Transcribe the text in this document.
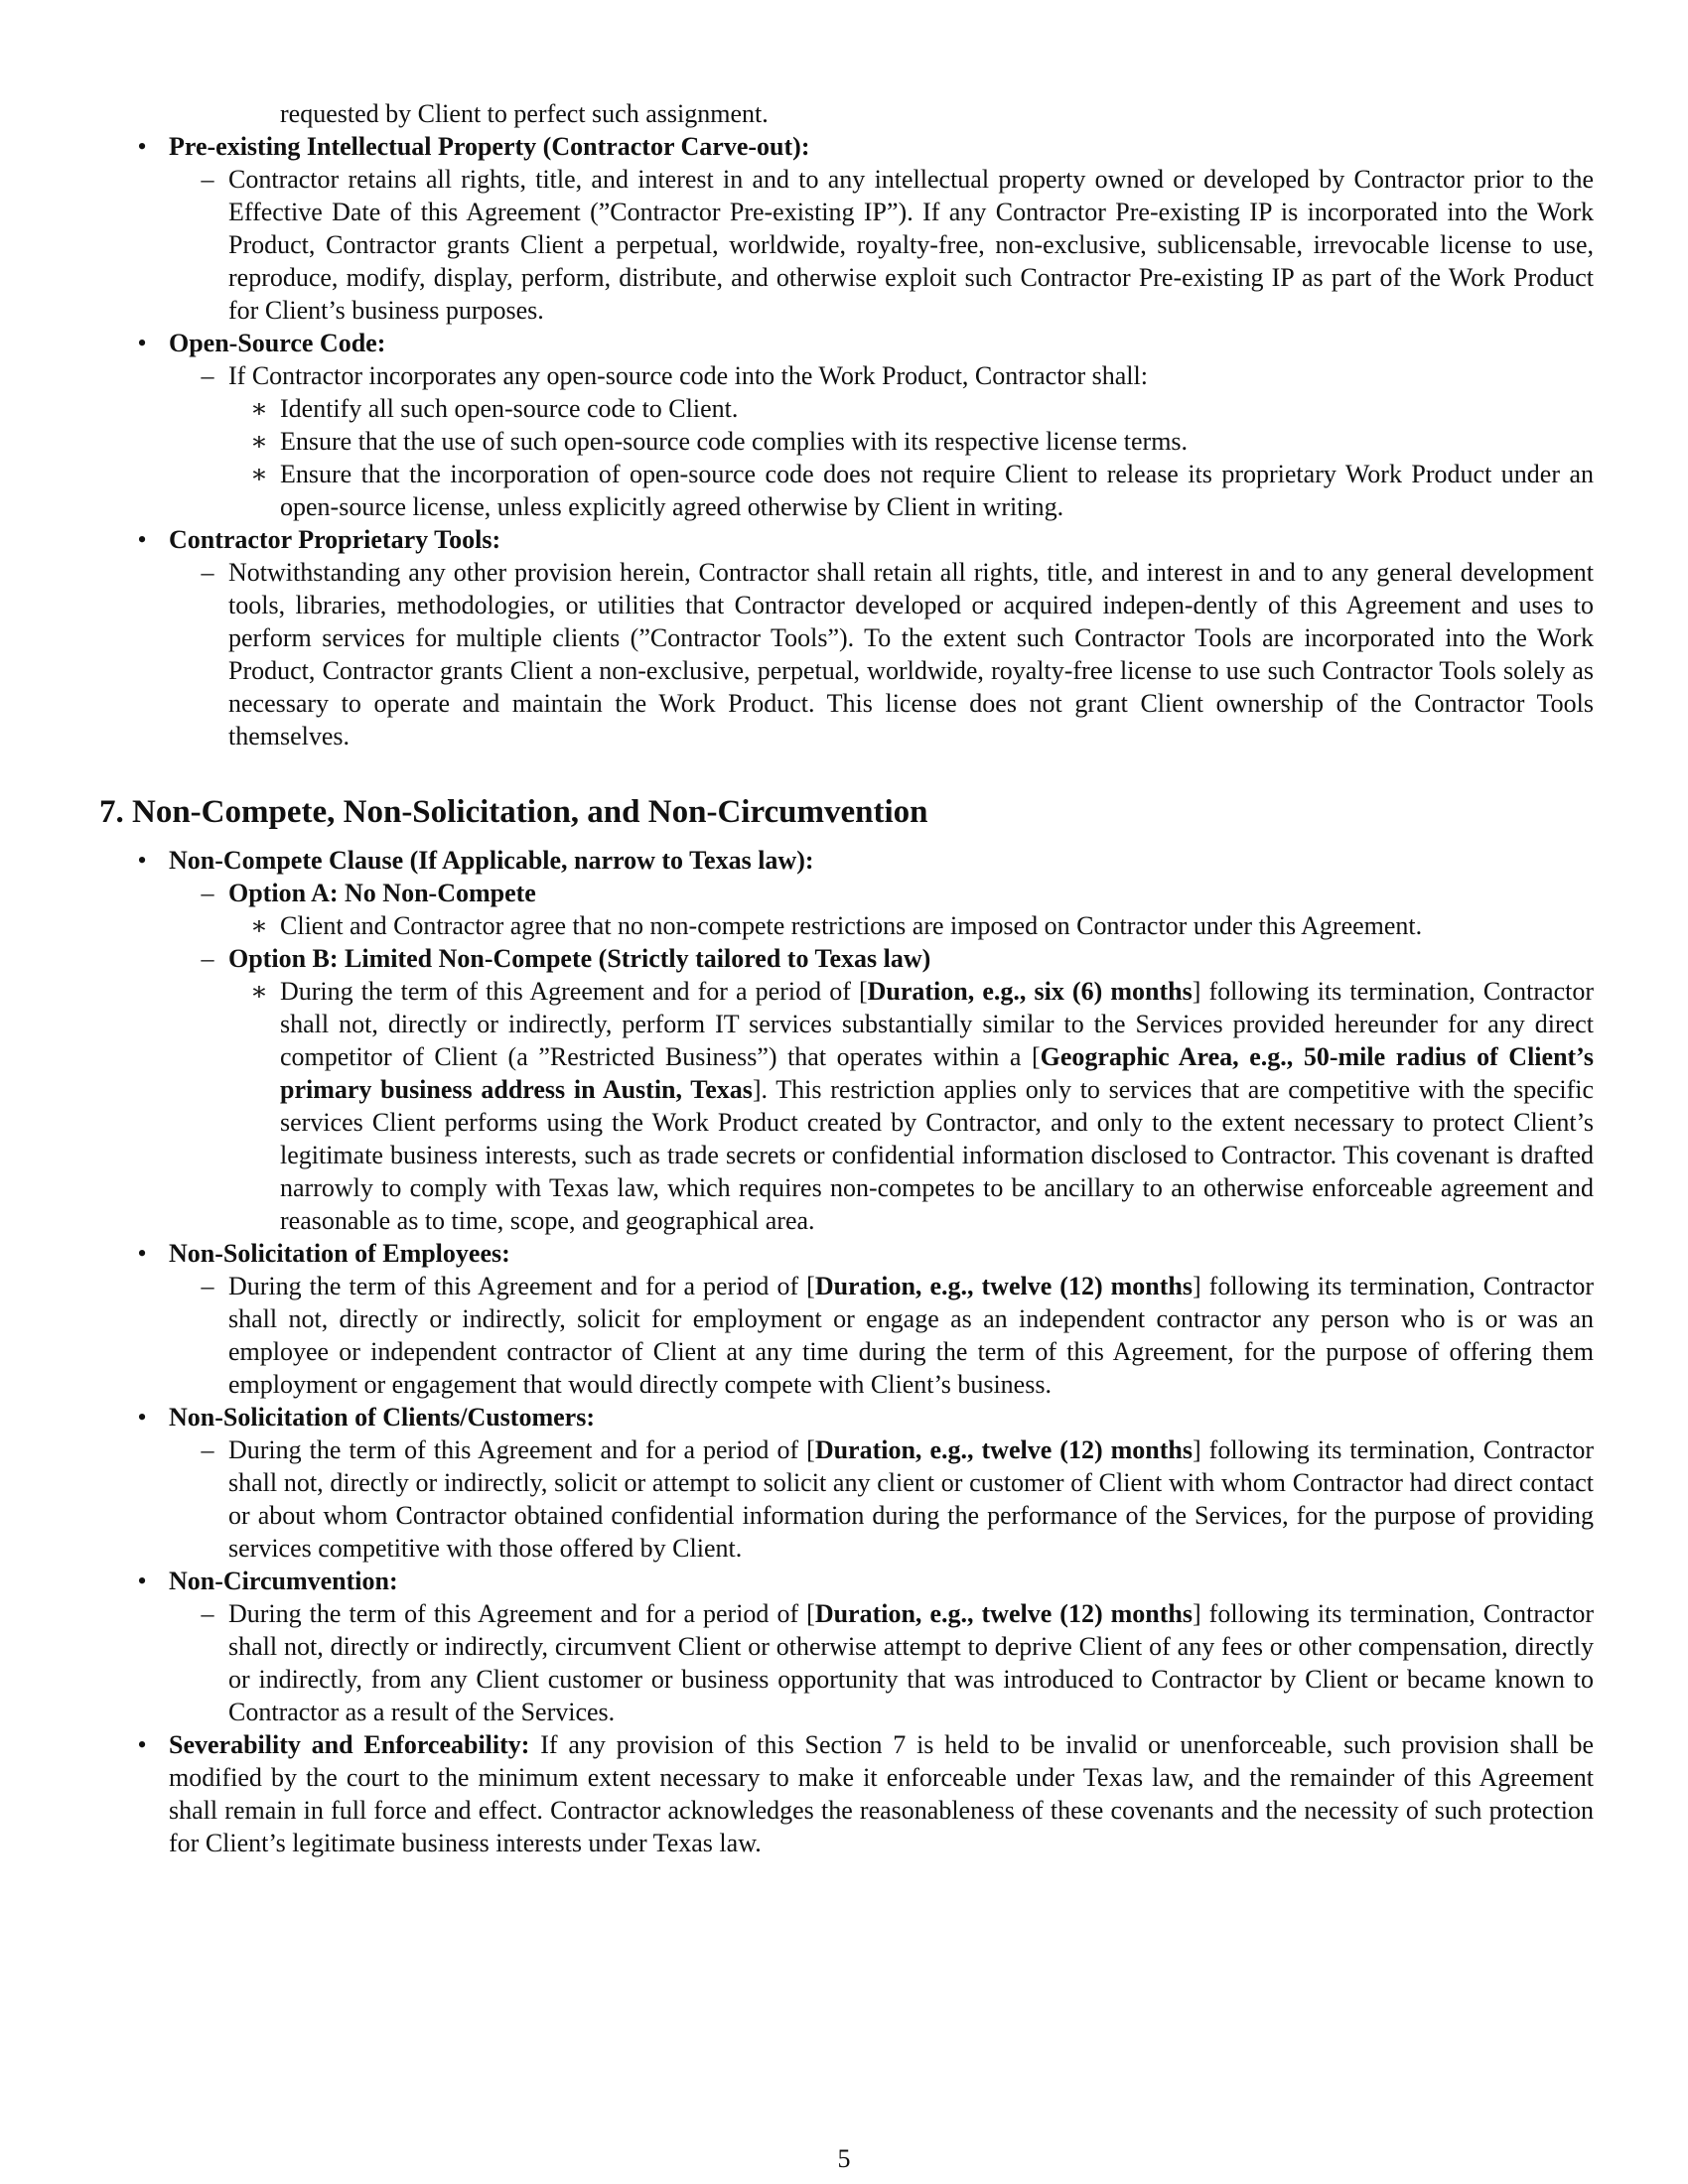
requested by Client to perfect such assignment.
• Pre-existing Intellectual Property (Contractor Carve-out):
– Contractor retains all rights, title, and interest in and to any intellectual property owned or developed by Contractor prior to the Effective Date of this Agreement (”Contractor Pre-existing IP”). If any Contractor Pre-existing IP is incorporated into the Work Product, Contractor grants Client a perpetual, worldwide, royalty-free, non-exclusive, sublicensable, irrevocable license to use, reproduce, modify, display, perform, distribute, and otherwise exploit such Contractor Pre-existing IP as part of the Work Product for Client’s business purposes.
• Open-Source Code:
– If Contractor incorporates any open-source code into the Work Product, Contractor shall:
∗ Identify all such open-source code to Client.
∗ Ensure that the use of such open-source code complies with its respective license terms.
∗ Ensure that the incorporation of open-source code does not require Client to release its proprietary Work Product under an open-source license, unless explicitly agreed otherwise by Client in writing.
• Contractor Proprietary Tools:
– Notwithstanding any other provision herein, Contractor shall retain all rights, title, and interest in and to any general development tools, libraries, methodologies, or utilities that Contractor developed or acquired indepen-dently of this Agreement and uses to perform services for multiple clients (”Contractor Tools”). To the extent such Contractor Tools are incorporated into the Work Product, Contractor grants Client a non-exclusive, perpetual, worldwide, royalty-free license to use such Contractor Tools solely as necessary to operate and maintain the Work Product. This license does not grant Client ownership of the Contractor Tools themselves.
7. Non-Compete, Non-Solicitation, and Non-Circumvention
• Non-Compete Clause (If Applicable, narrow to Texas law):
– Option A: No Non-Compete
∗ Client and Contractor agree that no non-compete restrictions are imposed on Contractor under this Agreement.
– Option B: Limited Non-Compete (Strictly tailored to Texas law)
∗ During the term of this Agreement and for a period of [Duration, e.g., six (6) months] following its termination, Contractor shall not, directly or indirectly, perform IT services substantially similar to the Services provided hereunder for any direct competitor of Client (a ”Restricted Business”) that operates within a [Geographic Area, e.g., 50-mile radius of Client’s primary business address in Austin, Texas]. This restriction applies only to services that are competitive with the specific services Client performs using the Work Product created by Contractor, and only to the extent necessary to protect Client’s legitimate business interests, such as trade secrets or confidential information disclosed to Contractor. This covenant is drafted narrowly to comply with Texas law, which requires non-competes to be ancillary to an otherwise enforceable agreement and reasonable as to time, scope, and geographical area.
• Non-Solicitation of Employees:
– During the term of this Agreement and for a period of [Duration, e.g., twelve (12) months] following its termination, Contractor shall not, directly or indirectly, solicit for employment or engage as an independent contractor any person who is or was an employee or independent contractor of Client at any time during the term of this Agreement, for the purpose of offering them employment or engagement that would directly compete with Client’s business.
• Non-Solicitation of Clients/Customers:
– During the term of this Agreement and for a period of [Duration, e.g., twelve (12) months] following its termination, Contractor shall not, directly or indirectly, solicit or attempt to solicit any client or customer of Client with whom Contractor had direct contact or about whom Contractor obtained confidential information during the performance of the Services, for the purpose of providing services competitive with those offered by Client.
• Non-Circumvention:
– During the term of this Agreement and for a period of [Duration, e.g., twelve (12) months] following its termination, Contractor shall not, directly or indirectly, circumvent Client or otherwise attempt to deprive Client of any fees or other compensation, directly or indirectly, from any Client customer or business opportunity that was introduced to Contractor by Client or became known to Contractor as a result of the Services.
• Severability and Enforceability: If any provision of this Section 7 is held to be invalid or unenforceable, such provision shall be modified by the court to the minimum extent necessary to make it enforceable under Texas law, and the remainder of this Agreement shall remain in full force and effect. Contractor acknowledges the reasonableness of these covenants and the necessity of such protection for Client’s legitimate business interests under Texas law.
5
